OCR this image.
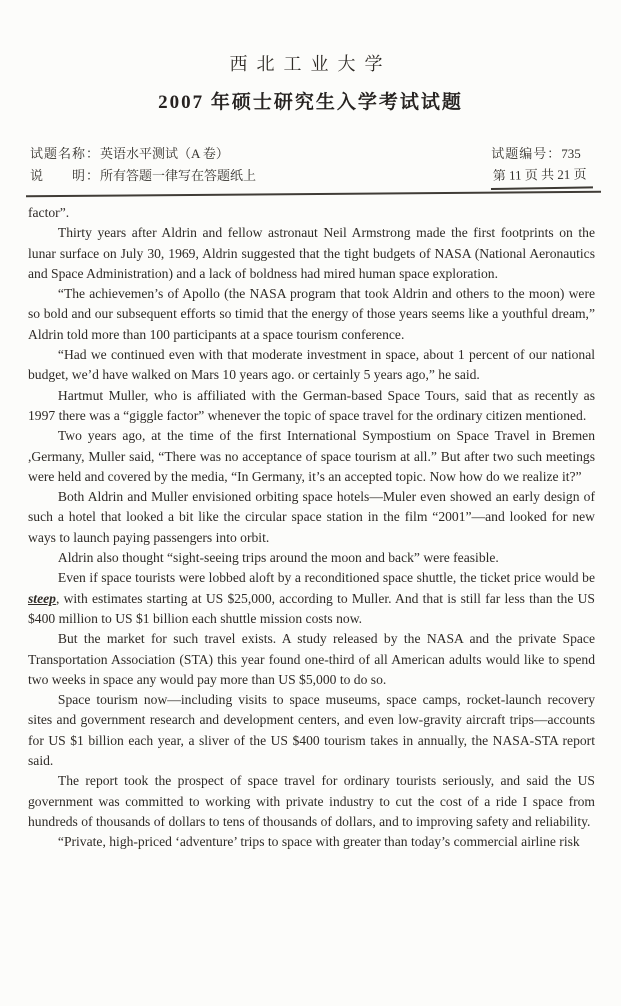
西北工业大学
2007 年硕士研究生入学考试试题
试题名称：英语水平测试（A 卷）
说　　明：所有答题一律写在答题纸上
试题编号：735
第 11 页 共 21 页

factor”.

Thirty years after Aldrin and fellow astronaut Neil Armstrong made the first footprints on the lunar surface on July 30, 1969, Aldrin suggested that the tight budgets of NASA (National Aeronautics and Space Administration) and a lack of boldness had mired human space exploration.

“The achievemen’s of Apollo (the NASA program that took Aldrin and others to the moon) were so bold and our subsequent efforts so timid that the energy of those years seems like a youthful dream,” Aldrin told more than 100 participants at a space tourism conference.

“Had we continued even with that moderate investment in space, about 1 percent of our national budget, we’d have walked on Mars 10 years ago. or certainly 5 years ago,” he said.

Hartmut Muller, who is affiliated with the German-based Space Tours, said that as recently as 1997 there was a “giggle factor” whenever the topic of space travel for the ordinary citizen mentioned.

Two years ago, at the time of the first International Sympostium on Space Travel in Bremen ,Germany, Muller said, “There was no acceptance of space tourism at all.” But after two such meetings were held and covered by the media, “In Germany, it’s an accepted topic. Now how do we realize it?”

Both Aldrin and Muller envisioned orbiting space hotels—Muler even showed an early design of such a hotel that looked a bit like the circular space station in the film “2001”—and looked for new ways to launch paying passengers into orbit.

Aldrin also thought “sight-seeing trips around the moon and back” were feasible.

Even if space tourists were lobbed aloft by a reconditioned space shuttle, the ticket price would be steep, with estimates starting at US $25,000, according to Muller. And that is still far less than the US $400 million to US $1 billion each shuttle mission costs now.

But the market for such travel exists. A study released by the NASA and the private Space Transportation Association (STA) this year found one-third of all American adults would like to spend two weeks in space any would pay more than US $5,000 to do so.

Space tourism now—including visits to space museums, space camps, rocket-launch recovery sites and government research and development centers, and even low-gravity aircraft trips—accounts for US $1 billion each year, a sliver of the US $400 tourism takes in annually, the NASA-STA report said.

The report took the prospect of space travel for ordinary tourists seriously, and said the US government was committed to working with private industry to cut the cost of a ride I space from hundreds of thousands of dollars to tens of thousands of dollars, and to improving safety and reliability.

“Private, high-priced ‘adventure’ trips to space with greater than today’s commercial airline risk
